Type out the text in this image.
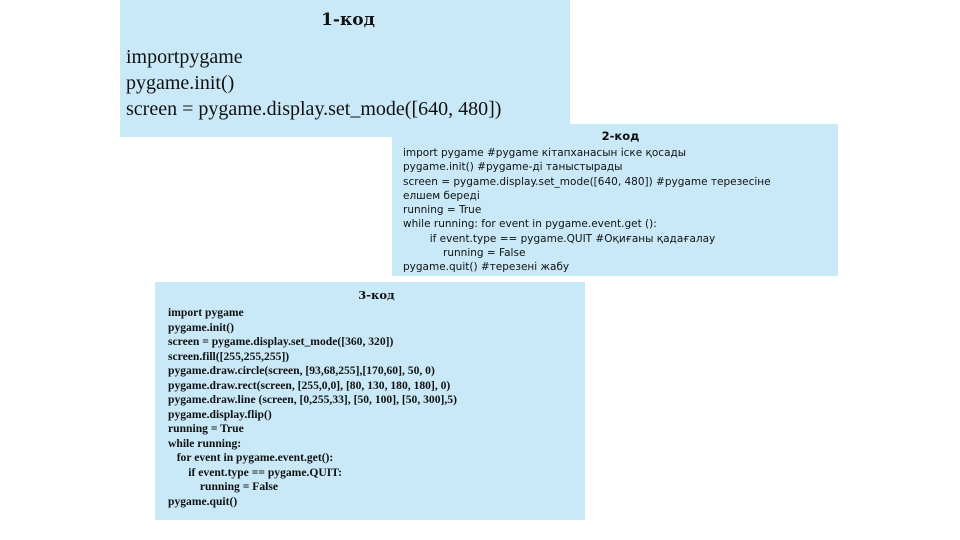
1-код
importpygame
pygame.init()
screen = pygame.display.set_mode([640, 480])
2-код
import pygame #pygame кітапханасын іске қосады
pygame.init() #pygame-ді таныстырады
screen = pygame.display.set_mode([640, 480]) #pygame терезесіне
елшем береді
running = True
while running: for event in pygame.event.get ():
if event.type == pygame.QUIT #Оқиғаны қадағалау
running = False
pygame.quit() #терезені жабу
3-код
import pygame
pygame.init()
screen = pygame.display.set_mode([360, 320])
screen.fill([255,255,255])
pygame.draw.circle(screen, [93,68,255],[170,60], 50, 0)
pygame.draw.rect(screen, [255,0,0], [80, 130, 180, 180], 0)
pygame.draw.line (screen, [0,255,33], [50, 100], [50, 300],5)
pygame.display.flip()
running = True
while running:
for event in pygame.event.get():
if event.type == pygame.QUIT:
running = False
pygame.quit()
